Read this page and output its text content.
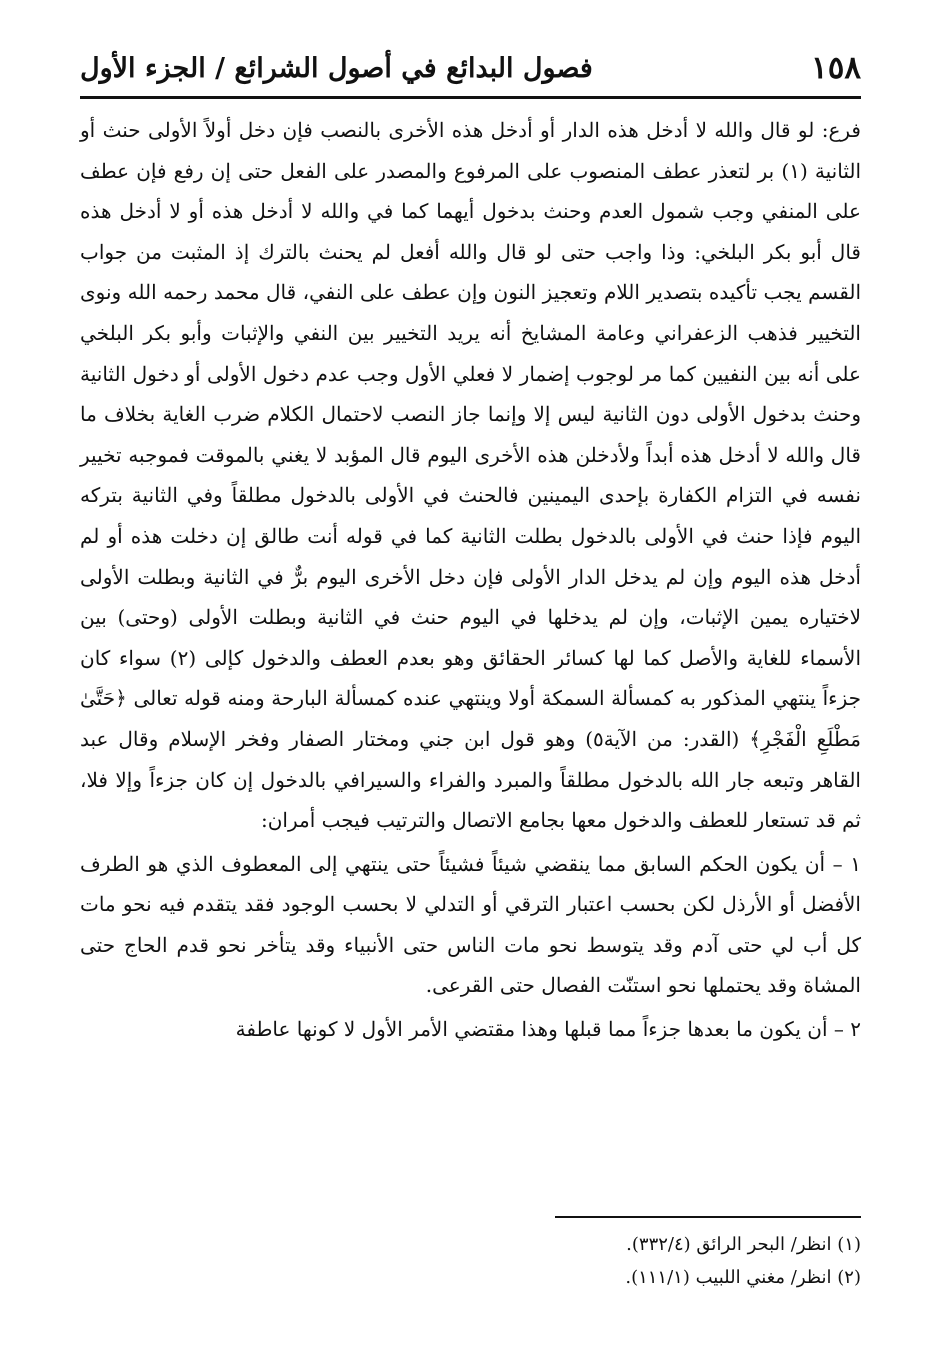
١٥٨
فصول البدائع في أصول الشرائع / الجزء الأول

فرع: لو قال والله لا أدخل هذه الدار أو أدخل هذه الأخرى بالنصب فإن دخل أولاً الأولى حنث أو الثانية (١) بر لتعذر عطف المنصوب على المرفوع والمصدر على الفعل حتى إن رفع فإن عطف على المنفي وجب شمول العدم وحنث بدخول أيهما كما في والله لا أدخل هذه أو لا أدخل هذه قال أبو بكر البلخي: وذا واجب حتى لو قال والله أفعل لم يحنث بالترك إذ المثبت من جواب القسم يجب تأكيده بتصدير اللام وتعجيز النون وإن عطف على النفي، قال محمد رحمه الله ونوى التخيير فذهب الزعفراني وعامة المشايخ أنه يريد التخيير بين النفي والإثبات وأبو بكر البلخي على أنه بين النفيين كما مر لوجوب إضمار لا فعلي الأول وجب عدم دخول الأولى أو دخول الثانية وحنث بدخول الأولى دون الثانية ليس إلا وإنما جاز النصب لاحتمال الكلام ضرب الغاية بخلاف ما قال والله لا أدخل هذه أبداً ولأدخلن هذه الأخرى اليوم قال المؤبد لا يغني بالموقت فموجبه تخيير نفسه في التزام الكفارة بإحدى اليمينين فالحنث في الأولى بالدخول مطلقاً وفي الثانية بتركه اليوم فإذا حنث في الأولى بالدخول بطلت الثانية كما في قوله أنت طالق إن دخلت هذه أو لم أدخل هذه اليوم وإن لم يدخل الدار الأولى فإن دخل الأخرى اليوم برٌّ في الثانية وبطلت الأولى لاختياره يمين الإثبات، وإن لم يدخلها في اليوم حنث في الثانية وبطلت الأولى (وحتى) بين الأسماء للغاية والأصل كما لها كسائر الحقائق وهو بعدم العطف والدخول كإلى (٢) سواء كان جزءاً ينتهي المذكور به كمسألة السمكة أولا وينتهي عنده كمسألة البارحة ومنه قوله تعالى ﴿حَتَّىٰ مَطْلَعِ الْفَجْرِ﴾ (القدر: من الآية٥) وهو قول ابن جني ومختار الصفار وفخر الإسلام وقال عبد القاهر وتبعه جار الله بالدخول مطلقاً والمبرد والفراء والسيرافي بالدخول إن كان جزءاً وإلا فلا، ثم قد تستعار للعطف والدخول معها بجامع الاتصال والترتيب فيجب أمران:

١ – أن يكون الحكم السابق مما ينقضي شيئاً فشيئاً حتى ينتهي إلى المعطوف الذي هو الطرف الأفضل أو الأرذل لكن بحسب اعتبار الترقي أو التدلي لا بحسب الوجود فقد يتقدم فيه نحو مات كل أب لي حتى آدم وقد يتوسط نحو مات الناس حتى الأنبياء وقد يتأخر نحو قدم الحاج حتى المشاة وقد يحتملها نحو استنّت الفصال حتى القرعى.

٢ – أن يكون ما بعدها جزءاً مما قبلها وهذا مقتضي الأمر الأول لا كونها عاطفة

(١) انظر/ البحر الرائق (٣٣٢/٤).
(٢) انظر/ مغني اللبيب (١١١/١).
